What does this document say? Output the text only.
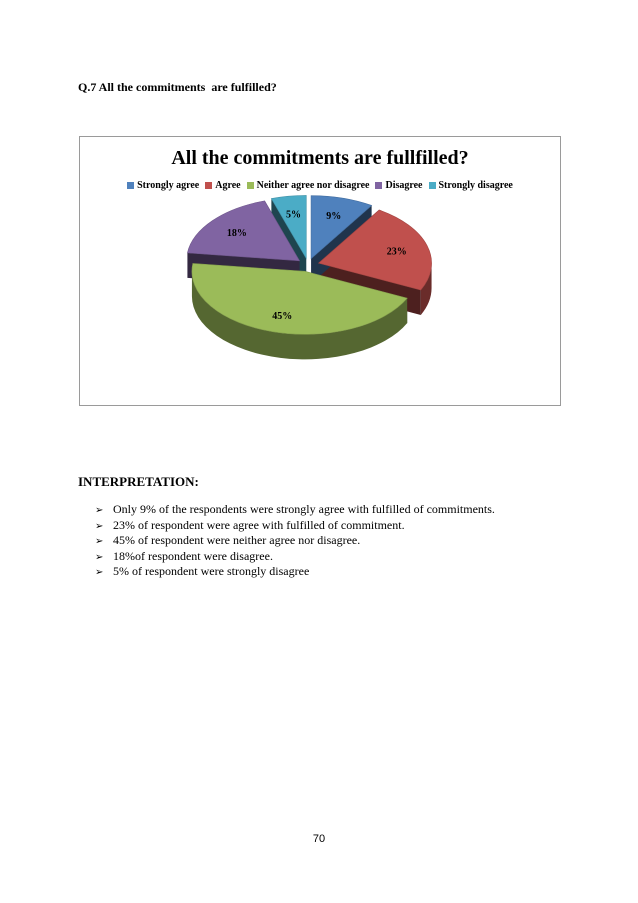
Q.7 All the commitments  are fulfilled?
All the commitments are fullfilled?
Strongly agree Agree Neither agree nor disagree Disagree Strongly disagree
9%
23%
45%
18%
5%
INTERPRETATION:
➢ Only 9% of the respondents were strongly agree with fulfilled of commitments.
➢ 23% of respondent were agree with fulfilled of commitment.
➢ 45% of respondent were neither agree nor disagree.
➢ 18%of respondent were disagree.
➢ 5% of respondent were strongly disagree
70
